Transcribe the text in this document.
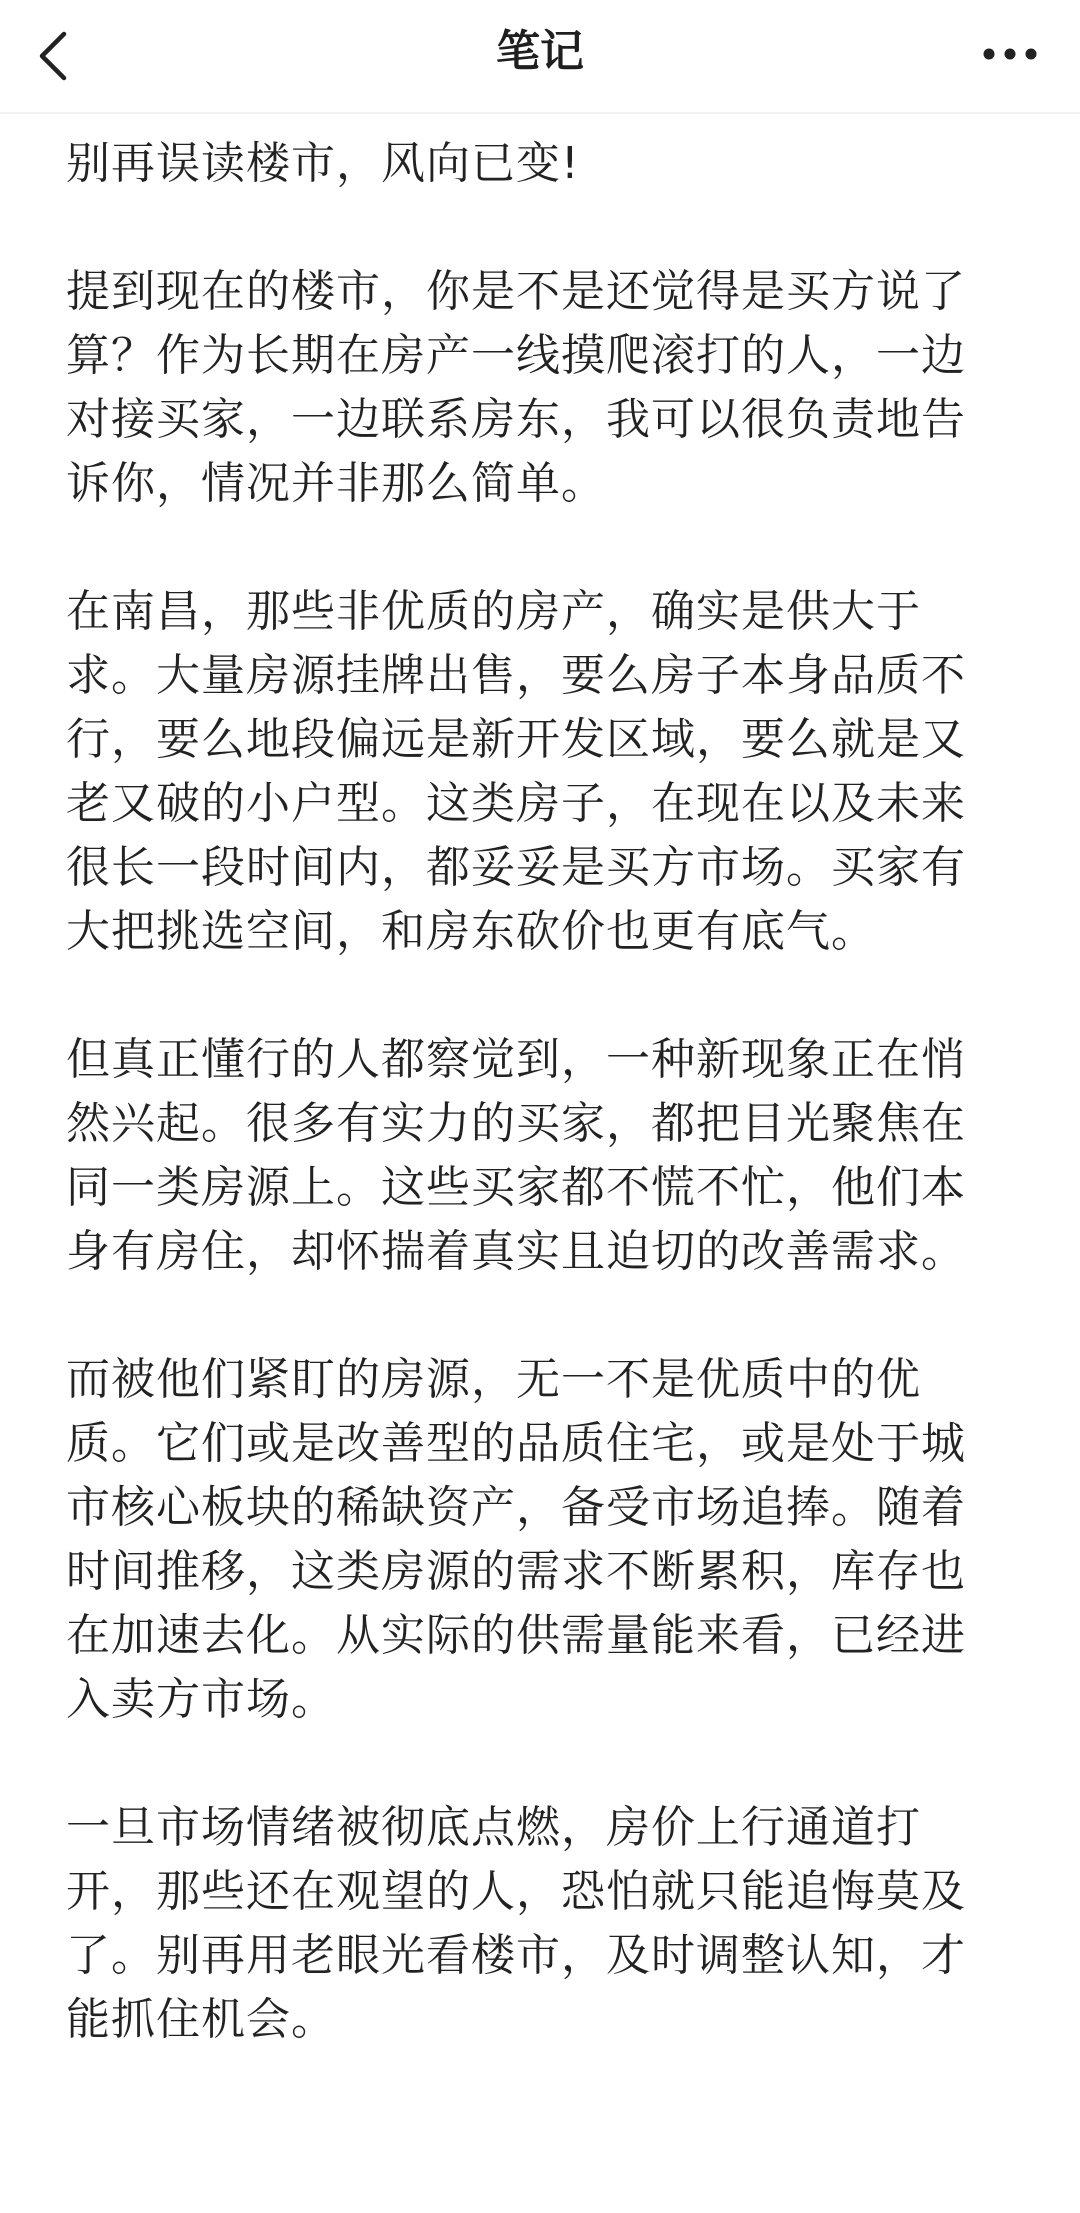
笔记

别再误读楼市，风向已变!

提到现在的楼市，你是不是还觉得是买方说了
算？作为长期在房产一线摸爬滚打的人，一边
对接买家，一边联系房东，我可以很负责地告
诉你，情况并非那么简单。

在南昌，那些非优质的房产，确实是供大于
求。大量房源挂牌出售，要么房子本身品质不
行，要么地段偏远是新开发区域，要么就是又
老又破的小户型。这类房子，在现在以及未来
很长一段时间内，都妥妥是买方市场。买家有
大把挑选空间，和房东砍价也更有底气。

但真正懂行的人都察觉到，一种新现象正在悄
然兴起。很多有实力的买家，都把目光聚焦在
同一类房源上。这些买家都不慌不忙，他们本
身有房住，却怀揣着真实且迫切的改善需求。

而被他们紧盯的房源，无一不是优质中的优
质。它们或是改善型的品质住宅，或是处于城
市核心板块的稀缺资产，备受市场追捧。随着
时间推移，这类房源的需求不断累积，库存也
在加速去化。从实际的供需量能来看，已经进
入卖方市场。

一旦市场情绪被彻底点燃，房价上行通道打
开，那些还在观望的人，恐怕就只能追悔莫及
了。别再用老眼光看楼市，及时调整认知，才
能抓住机会。
